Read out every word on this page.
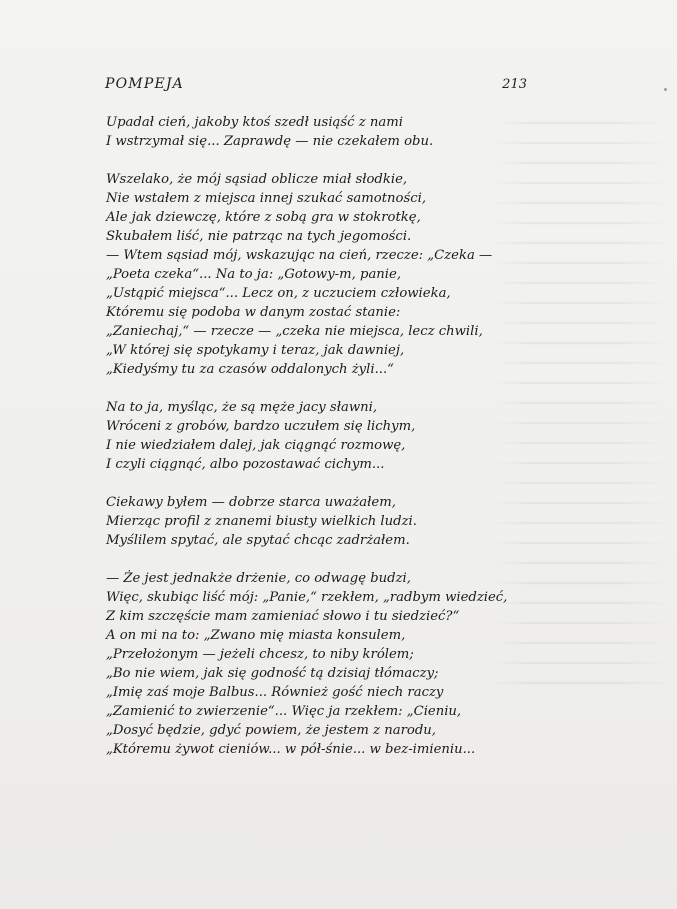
POMPEJA	213
Upadał cień, jakoby ktoś szedł usiąść z nami
I wstrzymał się... Zaprawdę — nie czekałem obu.
Wszelako, że mój sąsiad oblicze miał słodkie,
Nie wstałem z miejsca innej szukać samotności,
Ale jak dziewczę, które z sobą gra w stokrotkę,
Skubałem liść, nie patrząc na tych jegomości.
— Wtem sąsiad mój, wskazując na cień, rzecze: „Czeka —
„Poeta czeka“... Na to ja: „Gotowy-m, panie,
„Ustąpić miejsca“... Lecz on, z uczuciem człowieka,
Któremu się podoba w danym zostać stanie:
„Zaniechaj,“ — rzecze — „czeka nie miejsca, lecz chwili,
„W której się spotykamy i teraz, jak dawniej,
„Kiedyśmy tu za czasów oddalonych żyli...“
Na to ja, myśląc, że są męże jacy sławni,
Wróceni z grobów, bardzo uczułem się lichym,
I nie wiedziałem dalej, jak ciągnąć rozmowę,
I czyli ciągnąć, albo pozostawać cichym...
Ciekawy byłem — dobrze starca uważałem,
Mierząc profil z znanemi biusty wielkich ludzi.
Myślilem spytać, ale spytać chcąc zadrżałem.
— Że jest jednakże drżenie, co odwagę budzi,
Więc, skubiąc liść mój: „Panie,“ rzekłem, „radbym wiedzieć,
Z kim szczęście mam zamieniać słowo i tu siedzieć?“
A on mi na to: „Zwano mię miasta konsulem,
„Przełożonym — jeżeli chcesz, to niby królem;
„Bo nie wiem, jak się godność tą dzisiaj tłómaczy;
„Imię zaś moje Balbus... Również gość niech raczy
„Zamienić to zwierzenie“... Więc ja rzekłem: „Cieniu,
„Dosyć będzie, gdyć powiem, że jestem z narodu,
„Któremu żywot cieniów... w pół-śnie... w bez-imieniu...
